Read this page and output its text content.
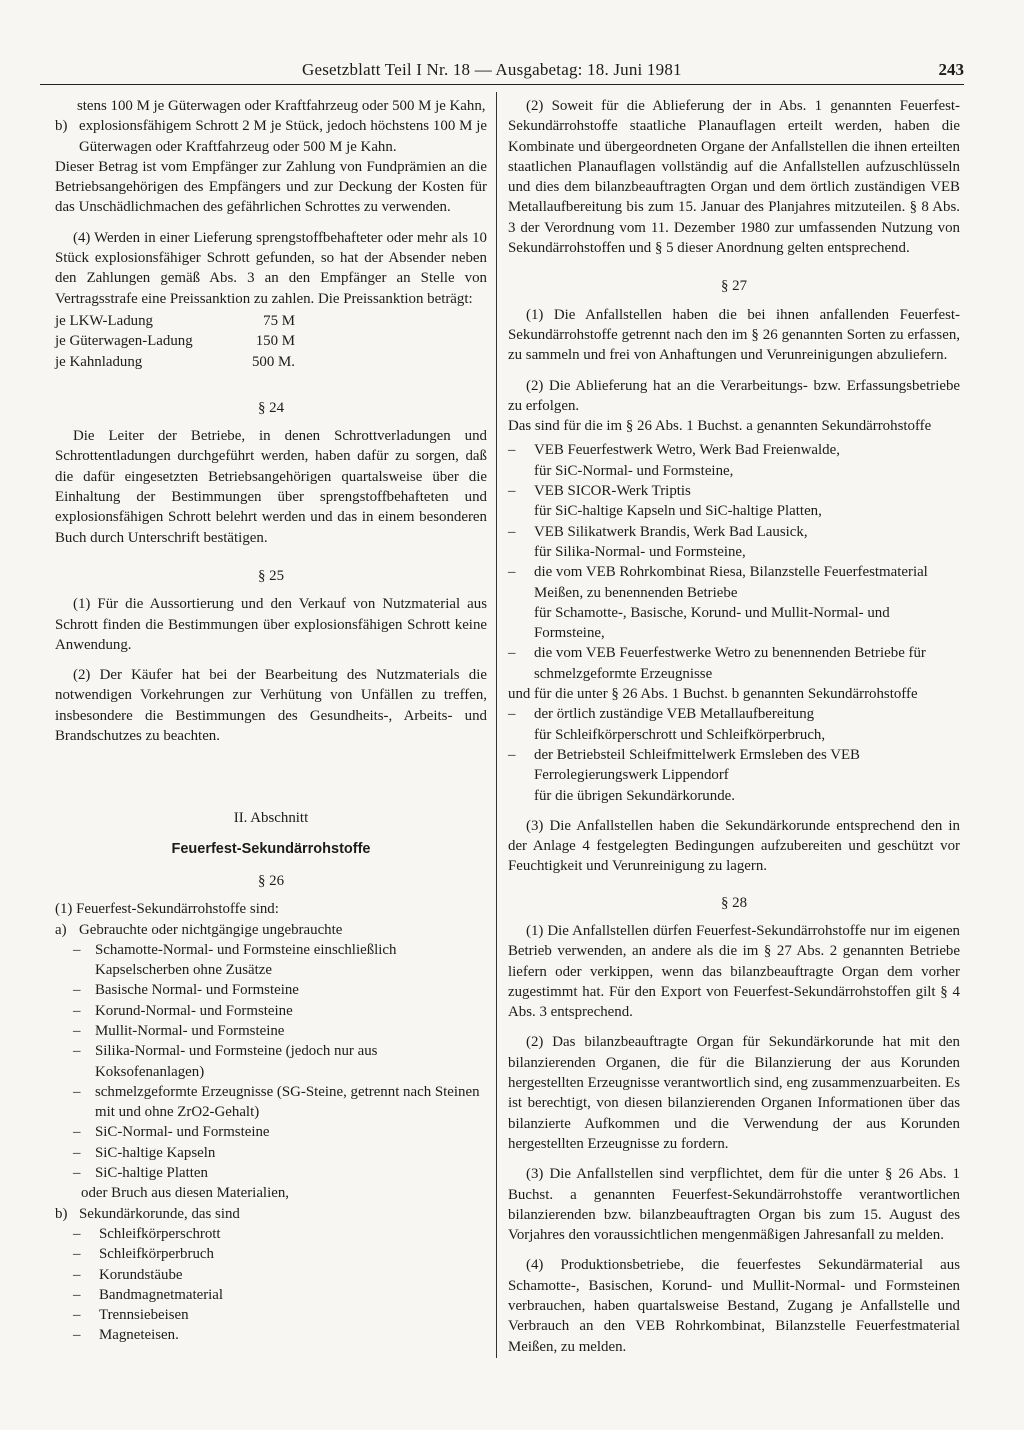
Gesetzblatt Teil I Nr. 18 — Ausgabetag: 18. Juni 1981	243

stens 100 M je Güterwagen oder Kraftfahrzeug oder 500 M je Kahn,

b) explosionsfähigem Schrott 2 M je Stück, jedoch höchstens 100 M je Güterwagen oder Kraftfahrzeug oder 500 M je Kahn.

Dieser Betrag ist vom Empfänger zur Zahlung von Fundprämien an die Betriebsangehörigen des Empfängers und zur Deckung der Kosten für das Unschädlichmachen des gefährlichen Schrottes zu verwenden.

(4) Werden in einer Lieferung sprengstoffbehafteter oder mehr als 10 Stück explosionsfähiger Schrott gefunden, so hat der Absender neben den Zahlungen gemäß Abs. 3 an den Empfänger an Stelle von Vertragsstrafe eine Preissanktion zu zahlen. Die Preissanktion beträgt:

je LKW-Ladung	75 M
je Güterwagen-Ladung	150 M
je Kahnladung	500 M.

§ 24

Die Leiter der Betriebe, in denen Schrottverladungen und Schrottentladungen durchgeführt werden, haben dafür zu sorgen, daß die dafür eingesetzten Betriebsangehörigen quartalsweise über die Einhaltung der Bestimmungen über sprengstoffbehafteten und explosionsfähigen Schrott belehrt werden und das in einem besonderen Buch durch Unterschrift bestätigen.

§ 25

(1) Für die Aussortierung und den Verkauf von Nutzmaterial aus Schrott finden die Bestimmungen über explosionsfähigen Schrott keine Anwendung.

(2) Der Käufer hat bei der Bearbeitung des Nutzmaterials die notwendigen Vorkehrungen zur Verhütung von Unfällen zu treffen, insbesondere die Bestimmungen des Gesundheits-, Arbeits- und Brandschutzes zu beachten.

II. Abschnitt

Feuerfest-Sekundärrohstoffe

§ 26

(1) Feuerfest-Sekundärrohstoffe sind:

a) Gebrauchte oder nichtgängige ungebrauchte
– Schamotte-Normal- und Formsteine einschließlich Kapselscherben ohne Zusätze
– Basische Normal- und Formsteine
– Korund-Normal- und Formsteine
– Mullit-Normal- und Formsteine
– Silika-Normal- und Formsteine (jedoch nur aus Koksofenanlagen)
– schmelzgeformte Erzeugnisse (SG-Steine, getrennt nach Steinen mit und ohne ZrO2-Gehalt)
– SiC-Normal- und Formsteine
– SiC-haltige Kapseln
– SiC-haltige Platten

oder Bruch aus diesen Materialien,

b) Sekundärkorunde, das sind
–	Schleifkörperschrott
–	Schleifkörperbruch
–	Korundstäube
–	Bandmagnetmaterial
–	Trennsiebeisen
–	Magneteisen.

(2) Soweit für die Ablieferung der in Abs. 1 genannten Feuerfest-Sekundärrohstoffe staatliche Planauflagen erteilt werden, haben die Kombinate und übergeordneten Organe der Anfallstellen die ihnen erteilten staatlichen Planauflagen vollständig auf die Anfallstellen aufzuschlüsseln und dies dem bilanzbeauftragten Organ und dem örtlich zuständigen VEB Metallaufbereitung bis zum 15. Januar des Planjahres mitzuteilen. § 8 Abs. 3 der Verordnung vom 11. Dezember 1980 zur umfassenden Nutzung von Sekundärrohstoffen und § 5 dieser Anordnung gelten entsprechend.

§ 27

(1) Die Anfallstellen haben die bei ihnen anfallenden Feuerfest-Sekundärrohstoffe getrennt nach den im § 26 genannten Sorten zu erfassen, zu sammeln und frei von Anhaftungen und Verunreinigungen abzuliefern.

(2) Die Ablieferung hat an die Verarbeitungs- bzw. Erfassungsbetriebe zu erfolgen.

Das sind für die im § 26 Abs. 1 Buchst. a genannten Sekundärrohstoffe

–	VEB Feuerfestwerk Wetro, Werk Bad Freienwalde,
für SiC-Normal- und Formsteine,
–	VEB SICOR-Werk Triptis
für SiC-haltige Kapseln und SiC-haltige Platten,
–	VEB Silikatwerk Brandis, Werk Bad Lausick,
für Silika-Normal- und Formsteine,
–	die vom VEB Rohrkombinat Riesa, Bilanzstelle Feuerfestmaterial Meißen, zu benennenden Betriebe
für Schamotte-, Basische, Korund- und Mullit-Normal- und Formsteine,
–	die vom VEB Feuerfestwerke Wetro zu benennenden Betriebe für schmelzgeformte Erzeugnisse

und für die unter § 26 Abs. 1 Buchst. b genannten Sekundärrohstoffe

–	der örtlich zuständige VEB Metallaufbereitung
für Schleifkörperschrott und Schleifkörperbruch,
–	der Betriebsteil Schleifmittelwerk Ermsleben des VEB Ferrolegierungswerk Lippendorf
für die übrigen Sekundärkorunde.

(3) Die Anfallstellen haben die Sekundärkorunde entsprechend den in der Anlage 4 festgelegten Bedingungen aufzubereiten und geschützt vor Feuchtigkeit und Verunreinigung zu lagern.

§ 28

(1) Die Anfallstellen dürfen Feuerfest-Sekundärrohstoffe nur im eigenen Betrieb verwenden, an andere als die im § 27 Abs. 2 genannten Betriebe liefern oder verkippen, wenn das bilanzbeauftragte Organ dem vorher zugestimmt hat. Für den Export von Feuerfest-Sekundärrohstoffen gilt § 4 Abs. 3 entsprechend.

(2) Das bilanzbeauftragte Organ für Sekundärkorunde hat mit den bilanzierenden Organen, die für die Bilanzierung der aus Korunden hergestellten Erzeugnisse verantwortlich sind, eng zusammenzuarbeiten. Es ist berechtigt, von diesen bilanzierenden Organen Informationen über das bilanzierte Aufkommen und die Verwendung der aus Korunden hergestellten Erzeugnisse zu fordern.

(3) Die Anfallstellen sind verpflichtet, dem für die unter § 26 Abs. 1 Buchst. a genannten Feuerfest-Sekundärrohstoffe verantwortlichen bilanzierenden bzw. bilanzbeauftragten Organ bis zum 15. August des Vorjahres den voraussichtlichen mengenmäßigen Jahresanfall zu melden.

(4) Produktionsbetriebe, die feuerfestes Sekundärmaterial aus Schamotte-, Basischen, Korund- und Mullit-Normal- und Formsteinen verbrauchen, haben quartalsweise Bestand, Zugang je Anfallstelle und Verbrauch an den VEB Rohrkombinat, Bilanzstelle Feuerfestmaterial Meißen, zu melden.
